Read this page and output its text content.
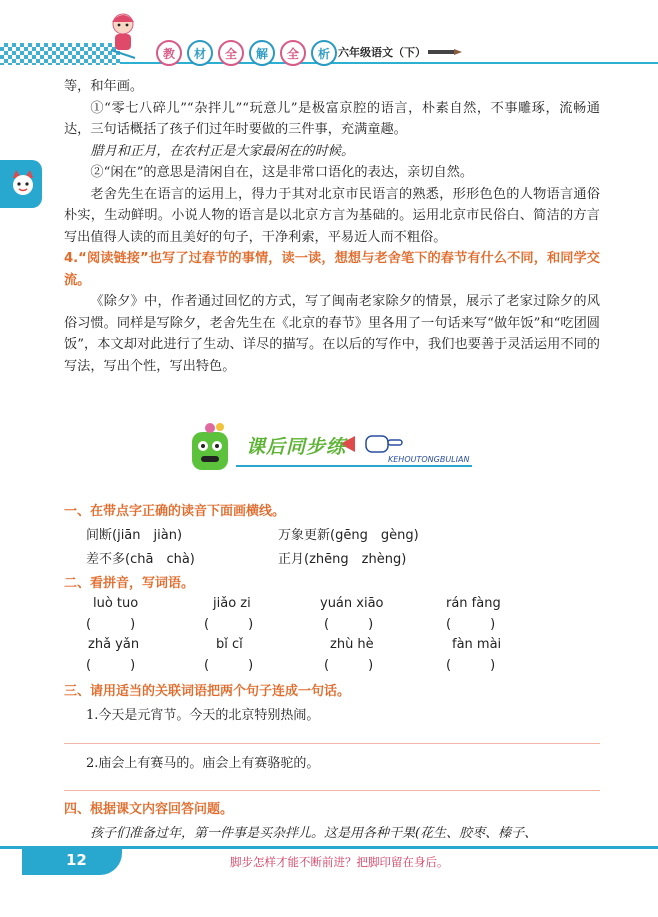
教	材	全	解	全	析 六年级语文（下）

等，和年画。

①“零七八碎儿”“杂拌儿”“玩意儿”是极富京腔的语言，朴素自然，不事雕琢，流畅通达，三句话概括了孩子们过年时要做的三件事，充满童趣。

腊月和正月，在农村正是大家最闲在的时候。

②“闲在”的意思是清闲自在，这是非常口语化的表达，亲切自然。

老舍先生在语言的运用上，得力于其对北京市民语言的熟悉，形形色色的人物语言通俗朴实，生动鲜明。小说人物的语言是以北京方言为基础的。运用北京市民俗白、简洁的方言写出值得人读的而且美好的句子，干净利索，平易近人而不粗俗。

4.“阅读链接”也写了过春节的事情，读一读，想想与老舍笔下的春节有什么不同，和同学交流。

《除夕》中，作者通过回忆的方式，写了闽南老家除夕的情景，展示了老家过除夕的风俗习惯。同样是写除夕，老舍先生在《北京的春节》里各用了一句话来写“做年饭”和“吃团圆饭”，本文却对此进行了生动、详尽的描写。在以后的写作中，我们也要善于灵活运用不同的写法，写出个性，写出特色。

课后同步练
KEHOUTONGBULIAN
一、在带点字正确的读音下面画横线。
间断(jiān　jiàn)	万象更新(gēng　gèng)
差不多(chā　chà)	正月(zhēng　zhèng)
二、看拼音，写词语。
luò tuo	jiǎo zi	yuán xiāo	rán fàng
(　　　)	(　　　)	(　　　)	(　　　)
zhǎ yǎn	bǐ cǐ	zhù hè	fàn mài
(　　　)	(　　　)	(　　　)	(　　　)
三、请用适当的关联词语把两个句子连成一句话。
1.今天是元宵节。今天的北京特别热闹。
2.庙会上有赛马的。庙会上有赛骆驼的。
四、根据课文内容回答问题。
孩子们准备过年，第一件事是买杂拌儿。这是用各种干果(花生、胶枣、榛子、
12	脚步怎样才能不断前进？把脚印留在身后。
